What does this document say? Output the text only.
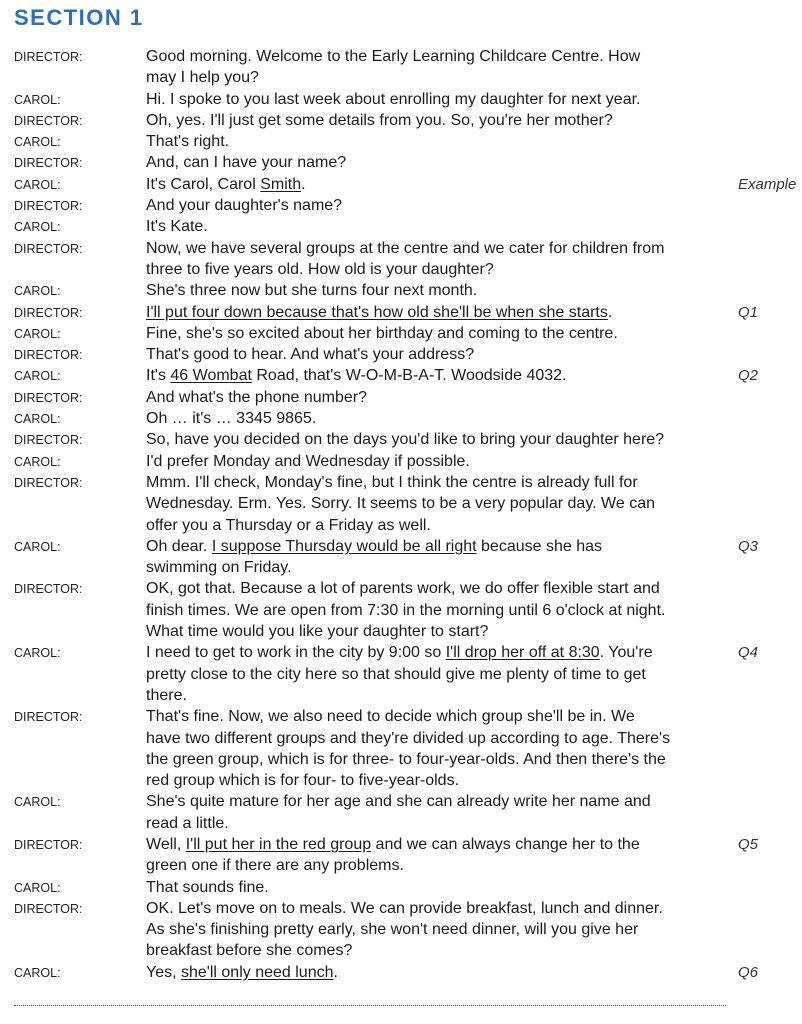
SECTION 1
DIRECTOR:	Good morning. Welcome to the Early Learning Childcare Centre. How
may I help you?
CAROL:	Hi. I spoke to you last week about enrolling my daughter for next year.
DIRECTOR:	Oh, yes. I'll just get some details from you. So, you're her mother?
CAROL:	That's right.
DIRECTOR:	And, can I have your name?
CAROL:	It's Carol, Carol Smith.	Example
DIRECTOR:	And your daughter's name?
CAROL:	It's Kate.
DIRECTOR:	Now, we have several groups at the centre and we cater for children from
three to five years old. How old is your daughter?
CAROL:	She's three now but she turns four next month.
DIRECTOR:	I'll put four down because that's how old she'll be when she starts.	Q1
CAROL:	Fine, she's so excited about her birthday and coming to the centre.
DIRECTOR:	That's good to hear. And what's your address?
CAROL:	It's 46 Wombat Road, that's W-O-M-B-A-T. Woodside 4032.	Q2
DIRECTOR:	And what's the phone number?
CAROL:	Oh … it's … 3345 9865.
DIRECTOR:	So, have you decided on the days you'd like to bring your daughter here?
CAROL:	I'd prefer Monday and Wednesday if possible.
DIRECTOR:	Mmm. I'll check, Monday's fine, but I think the centre is already full for
Wednesday. Erm. Yes. Sorry. It seems to be a very popular day. We can
offer you a Thursday or a Friday as well.
CAROL:	Oh dear. I suppose Thursday would be all right because she has	Q3
swimming on Friday.
DIRECTOR:	OK, got that. Because a lot of parents work, we do offer flexible start and
finish times. We are open from 7:30 in the morning until 6 o'clock at night.
What time would you like your daughter to start?
CAROL:	I need to get to work in the city by 9:00 so I'll drop her off at 8:30. You're	Q4
pretty close to the city here so that should give me plenty of time to get
there.
DIRECTOR:	That's fine. Now, we also need to decide which group she'll be in. We
have two different groups and they're divided up according to age. There's
the green group, which is for three- to four-year-olds. And then there's the
red group which is for four- to five-year-olds.
CAROL:	She's quite mature for her age and she can already write her name and
read a little.
DIRECTOR:	Well, I'll put her in the red group and we can always change her to the	Q5
green one if there are any problems.
CAROL:	That sounds fine.
DIRECTOR:	OK. Let's move on to meals. We can provide breakfast, lunch and dinner.
As she's finishing pretty early, she won't need dinner, will you give her
breakfast before she comes?
CAROL:	Yes, she'll only need lunch.	Q6
